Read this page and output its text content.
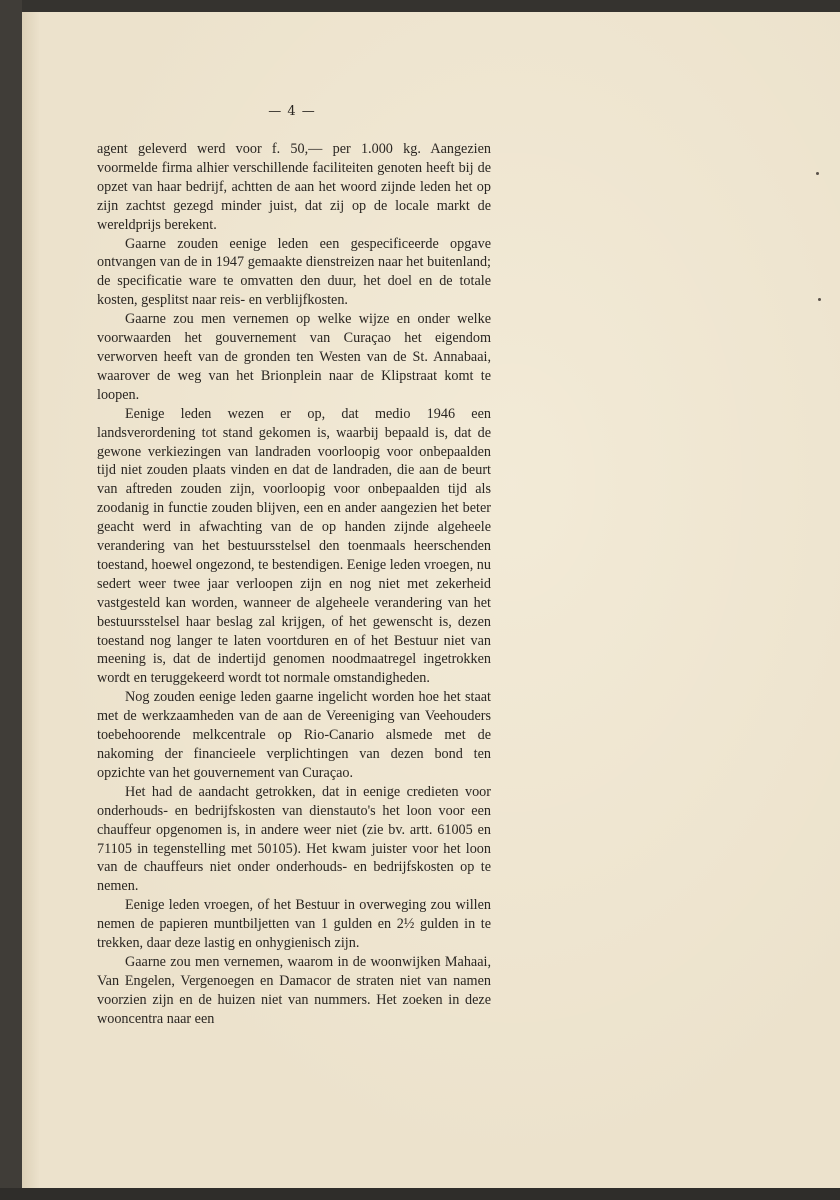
— 4 —

agent geleverd werd voor f. 50,— per 1.000 kg. Aangezien voormelde firma alhier verschillende faciliteiten genoten heeft bij de opzet van haar bedrijf, achtten de aan het woord zijnde leden het op zijn zachtst gezegd minder juist, dat zij op de locale markt de wereldprijs berekent.

Gaarne zouden eenige leden een gespecificeerde opgave ontvangen van de in 1947 gemaakte dienstreizen naar het buitenland; de specificatie ware te omvatten den duur, het doel en de totale kosten, gesplitst naar reis- en verblijfkosten.

Gaarne zou men vernemen op welke wijze en onder welke voorwaarden het gouvernement van Curaçao het eigendom verworven heeft van de gronden ten Westen van de St. Annabaai, waarover de weg van het Brionplein naar de Klipstraat komt te loopen.

Eenige leden wezen er op, dat medio 1946 een landsverordening tot stand gekomen is, waarbij bepaald is, dat de gewone verkiezingen van landraden voorloopig voor onbepaalden tijd niet zouden plaats vinden en dat de landraden, die aan de beurt van aftreden zouden zijn, voorloopig voor onbepaalden tijd als zoodanig in functie zouden blijven, een en ander aangezien het beter geacht werd in afwachting van de op handen zijnde algeheele verandering van het bestuursstelsel den toenmaals heerschenden toestand, hoewel ongezond, te bestendigen. Eenige leden vroegen, nu sedert weer twee jaar verloopen zijn en nog niet met zekerheid vastgesteld kan worden, wanneer de algeheele verandering van het bestuursstelsel haar beslag zal krijgen, of het gewenscht is, dezen toestand nog langer te laten voortduren en of het Bestuur niet van meening is, dat de indertijd genomen noodmaatregel ingetrokken wordt en teruggekeerd wordt tot normale omstandigheden.

Nog zouden eenige leden gaarne ingelicht worden hoe het staat met de werkzaamheden van de aan de Vereeniging van Veehouders toebehoorende melkcentrale op Rio-Canario alsmede met de nakoming der financieele verplichtingen van dezen bond ten opzichte van het gouvernement van Curaçao.

Het had de aandacht getrokken, dat in eenige credieten voor onderhouds- en bedrijfskosten van dienstauto's het loon voor een chauffeur opgenomen is, in andere weer niet (zie bv. artt. 61005 en 71105 in tegenstelling met 50105). Het kwam juister voor het loon van de chauffeurs niet onder onderhouds- en bedrijfskosten op te nemen.

Eenige leden vroegen, of het Bestuur in overweging zou willen nemen de papieren muntbiljetten van 1 gulden en 2½ gulden in te trekken, daar deze lastig en onhygienisch zijn.

Gaarne zou men vernemen, waarom in de woonwijken Mahaai, Van Engelen, Vergenoegen en Damacor de straten niet van namen voorzien zijn en de huizen niet van nummers. Het zoeken in deze wooncentra naar een
